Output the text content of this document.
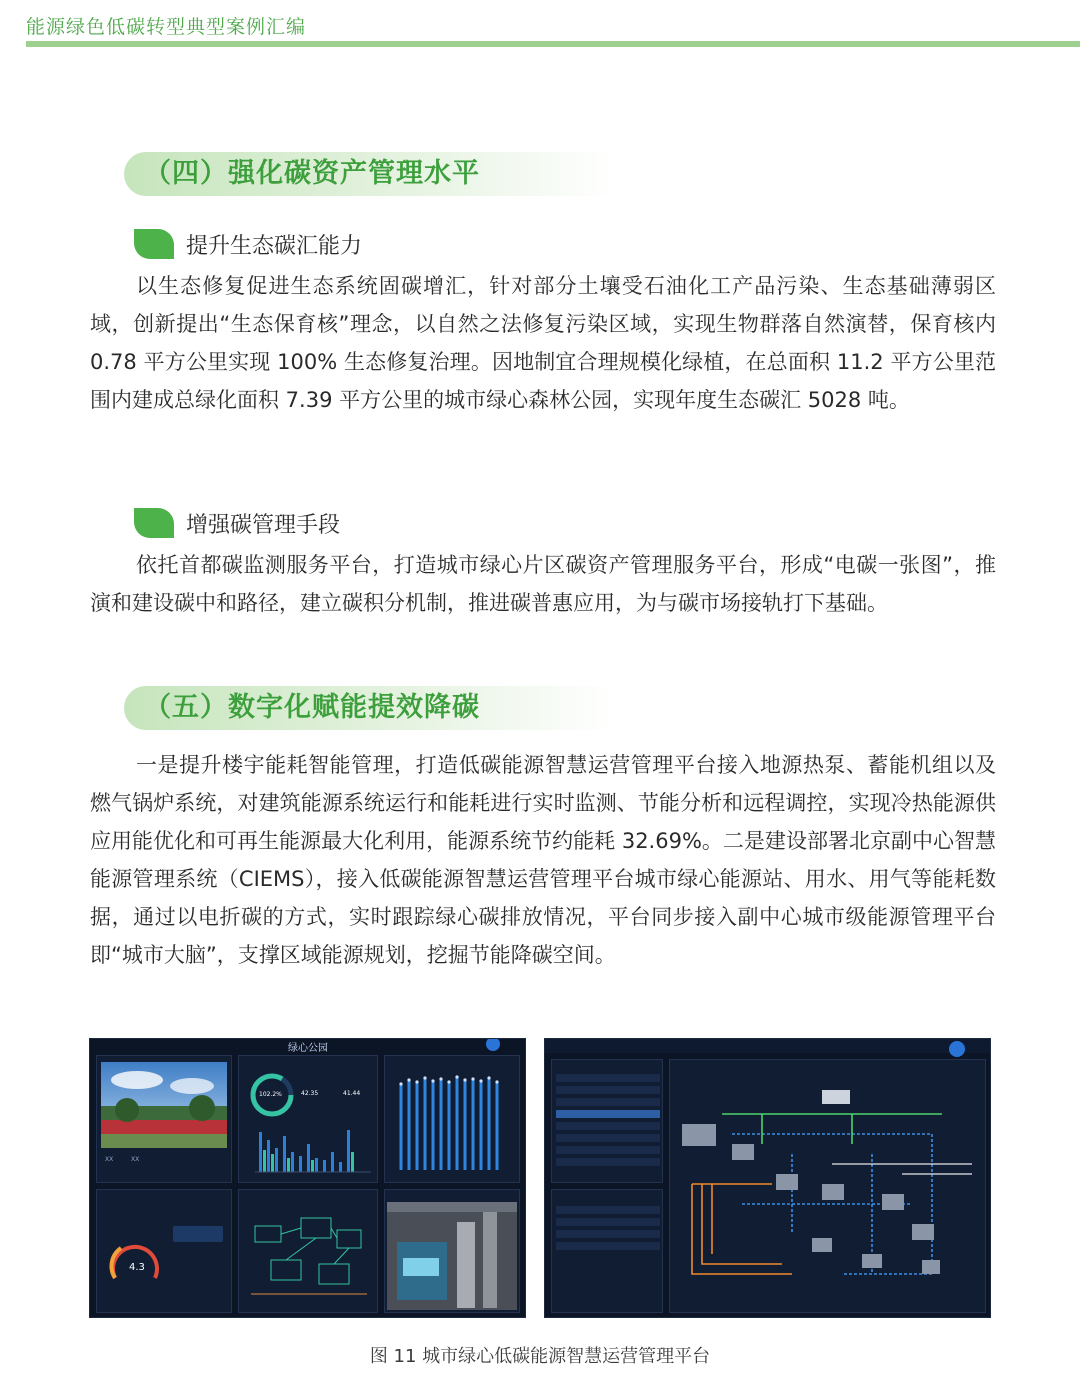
能源绿色低碳转型典型案例汇编
（四）强化碳资产管理水平
提升生态碳汇能力

以生态修复促进生态系统固碳增汇，针对部分土壤受石油化工产品污染、生态基础薄弱区域，创新提出“生态保育核”理念，以自然之法修复污染区域，实现生物群落自然演替，保育核内 0.78 平方公里实现 100% 生态修复治理。因地制宜合理规模化绿植，在总面积 11.2 平方公里范围内建成总绿化面积 7.39 平方公里的城市绿心森林公园，实现年度生态碳汇 5028 吨。

增强碳管理手段

依托首都碳监测服务平台，打造城市绿心片区碳资产管理服务平台，形成“电碳一张图”，推演和建设碳中和路径，建立碳积分机制，推进碳普惠应用，为与碳市场接轨打下基础。

（五）数字化赋能提效降碳

一是提升楼宇能耗智能管理，打造低碳能源智慧运营管理平台接入地源热泵、蓄能机组以及燃气锅炉系统，对建筑能源系统运行和能耗进行实时监测、节能分析和远程调控，实现冷热能源供应用能优化和可再生能源最大化利用，能源系统节约能耗 32.69%。二是建设部署北京副中心智慧能源管理系统（CIEMS），接入低碳能源智慧运营管理平台城市绿心能源站、用水、用气等能耗数据，通过以电折碳的方式，实时跟踪绿心碳排放情况，平台同步接入副中心城市级能源管理平台即“城市大脑”，支撑区域能源规划，挖掘节能降碳空间。

绿心公园
XX	XX
102.2%	42.35	41.44
4.3
图 11 城市绿心低碳能源智慧运营管理平台
